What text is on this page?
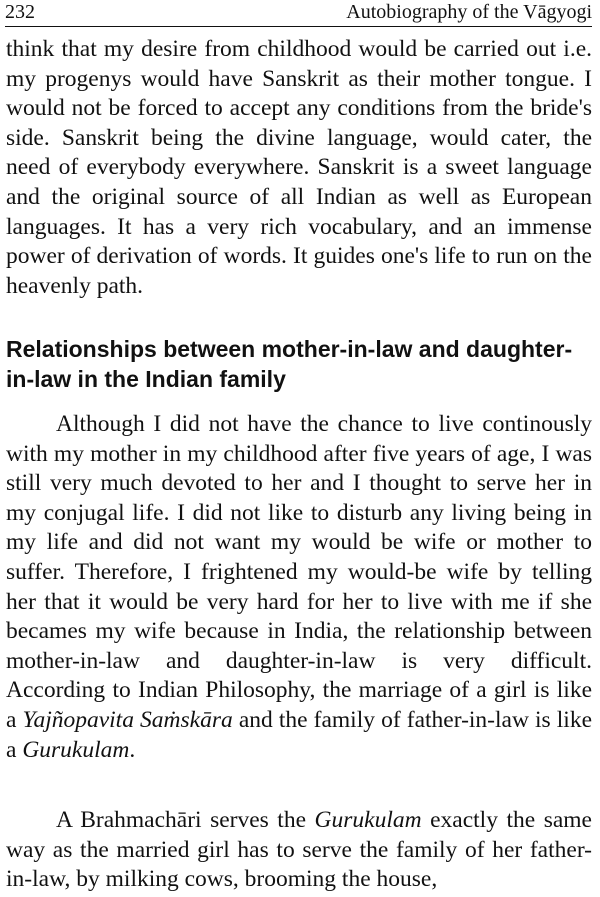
232	Autobiography of the Vāgyogi

think that my desire from childhood would be carried out i.e. my progenys would have Sanskrit as their mother tongue. I would not be forced to accept any conditions from the bride's side. Sanskrit being the divine language, would cater, the need of everybody everywhere. Sanskrit is a sweet language and the original source of all Indian as well as European languages. It has a very rich vocabulary, and an immense power of derivation of words. It guides one's life to run on the heavenly path.

Relationships between mother-in-law and daughter-in-law in the Indian family

Although I did not have the chance to live continously with my mother in my childhood after five years of age, I was still very much devoted to her and I thought to serve her in my conjugal life. I did not like to disturb any living being in my life and did not want my would be wife or mother to suffer. Therefore, I frightened my would-be wife by telling her that it would be very hard for her to live with me if she becames my wife because in India, the relationship between mother-in-law and daughter-in-law is very difficult. According to Indian Philosophy, the marriage of a girl is like a Yajñopavita Saṁskāra and the family of father-in-law is like a Gurukulam.

A Brahmachāri serves the Gurukulam exactly the same way as the married girl has to serve the family of her father-in-law, by milking cows, brooming the house,
